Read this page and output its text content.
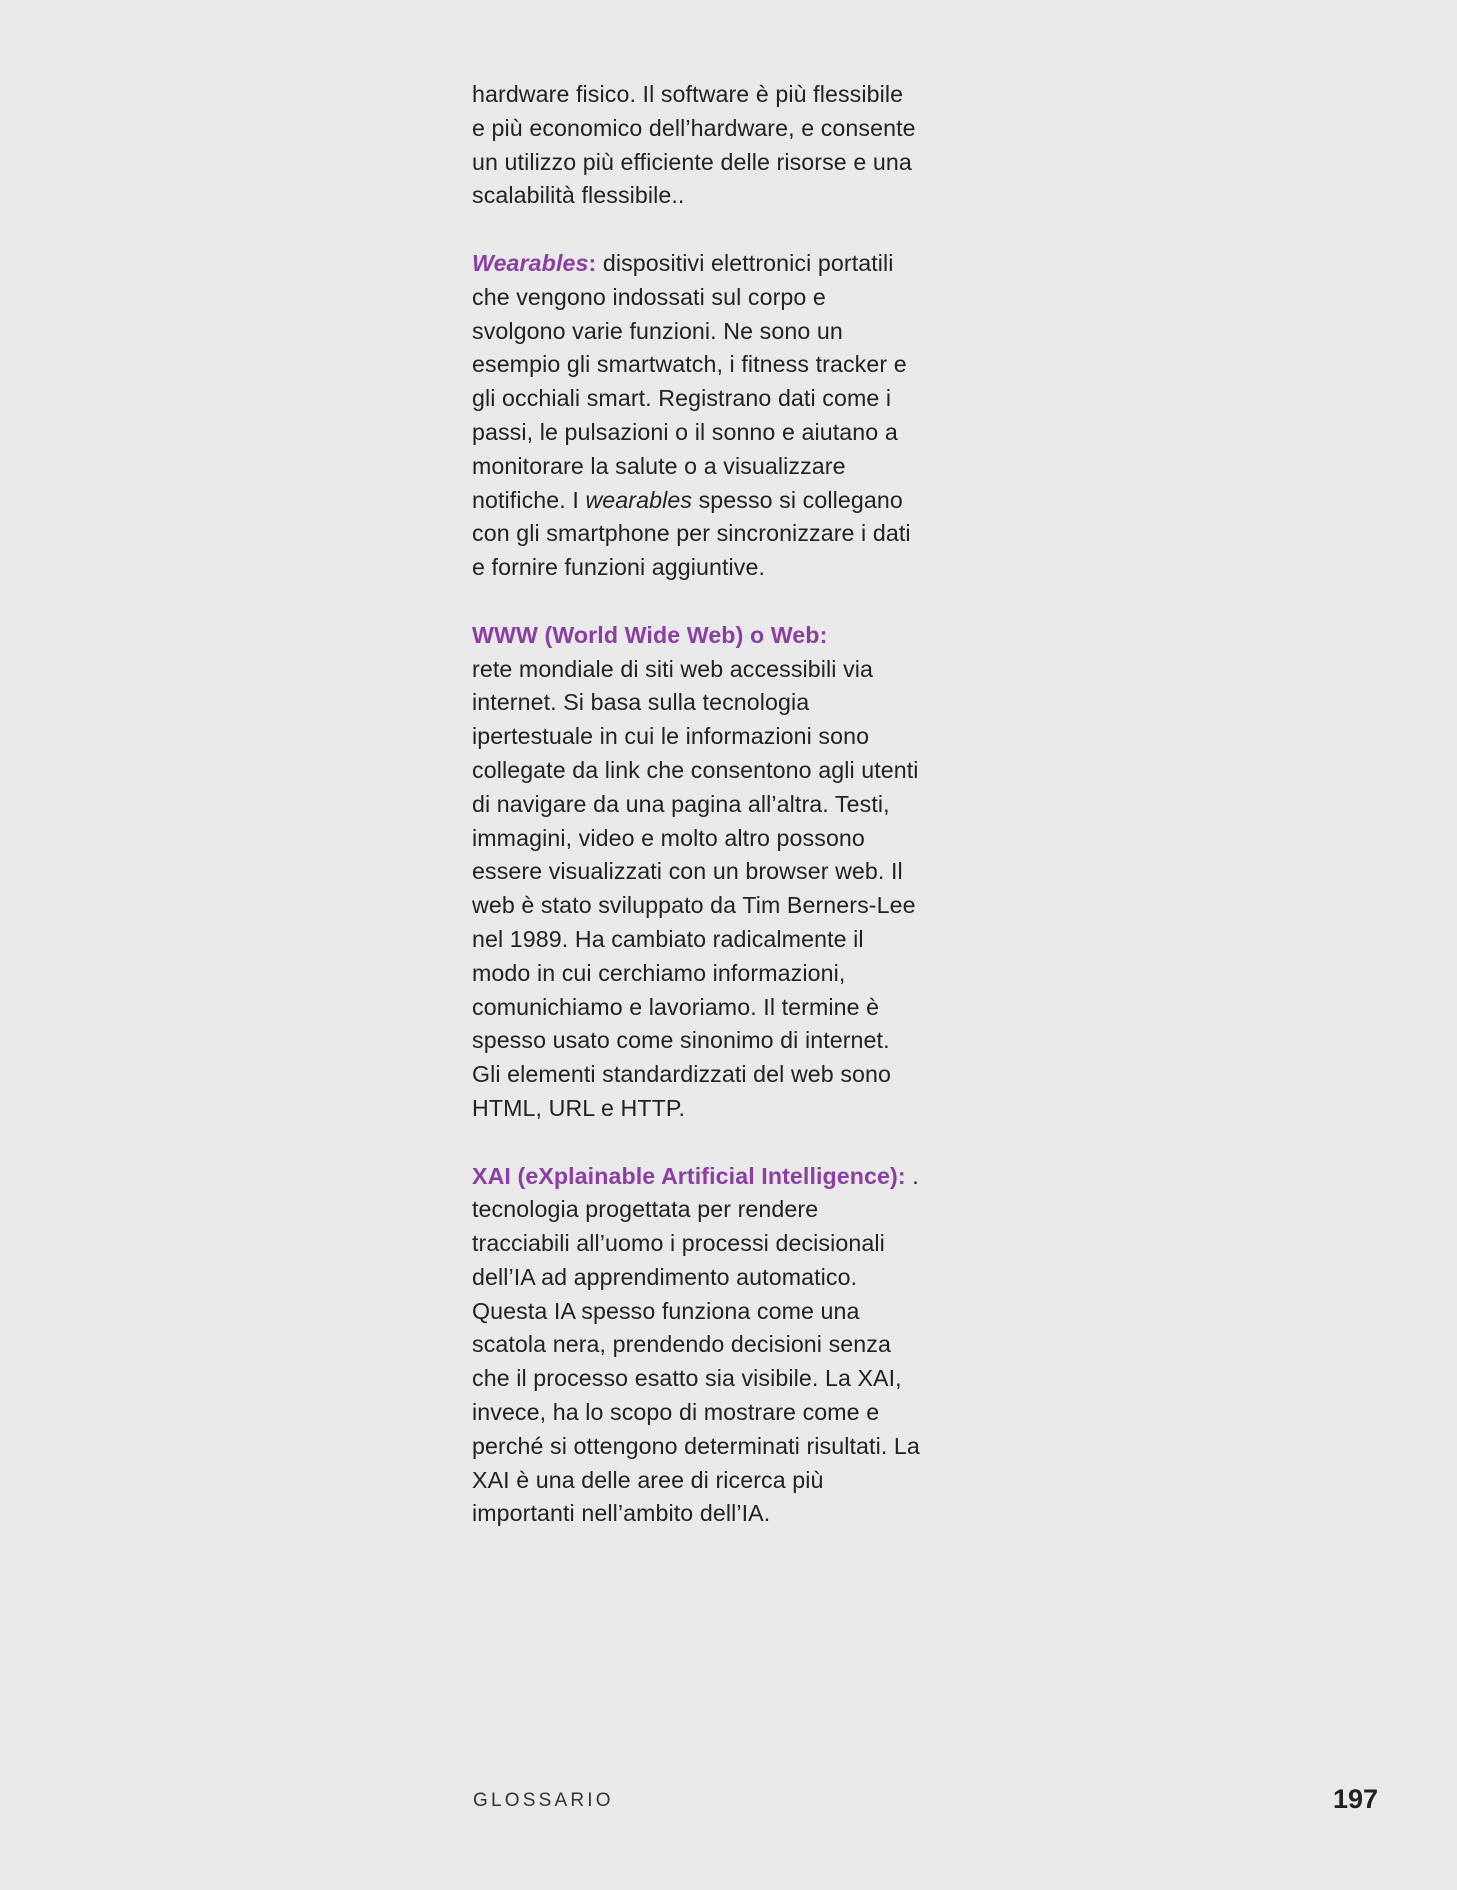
hardware fisico. Il software è più flessibile e più economico dell’hardware, e consente un utilizzo più efficiente delle risorse e una scalabilità flessibile..

Wearables: dispositivi elettronici portatili che vengono indossati sul corpo e svolgono varie funzioni. Ne sono un esempio gli smartwatch, i fitness tracker e gli occhiali smart. Registrano dati come i passi, le pulsazioni o il sonno e aiutano a monitorare la salute o a visualizzare notifiche. I wearables spesso si collegano con gli smartphone per sincronizzare i dati e fornire funzioni aggiuntive.

WWW (World Wide Web) o Web:
rete mondiale di siti web accessibili via internet. Si basa sulla tecnologia ipertestuale in cui le informazioni sono collegate da link che consentono agli utenti di navigare da una pagina all’altra. Testi, immagini, video e molto altro possono essere visualizzati con un browser web. Il web è stato sviluppato da Tim Berners-Lee nel 1989. Ha cambiato radicalmente il modo in cui cerchiamo informazioni, comunichiamo e lavoriamo. Il termine è spesso usato come sinonimo di internet. Gli elementi standardizzati del web sono HTML, URL e HTTP.

XAI (eXplainable Artificial Intelligence): .
tecnologia progettata per rendere tracciabili all’uomo i processi decisionali dell’IA ad apprendimento automatico. Questa IA spesso funziona come una scatola nera, prendendo decisioni senza che il processo esatto sia visibile. La XAI, invece, ha lo scopo di mostrare come e perché si ottengono determinati risultati. La XAI è una delle aree di ricerca più importanti nell’ambito dell’IA.

GLOSSARIO	197
